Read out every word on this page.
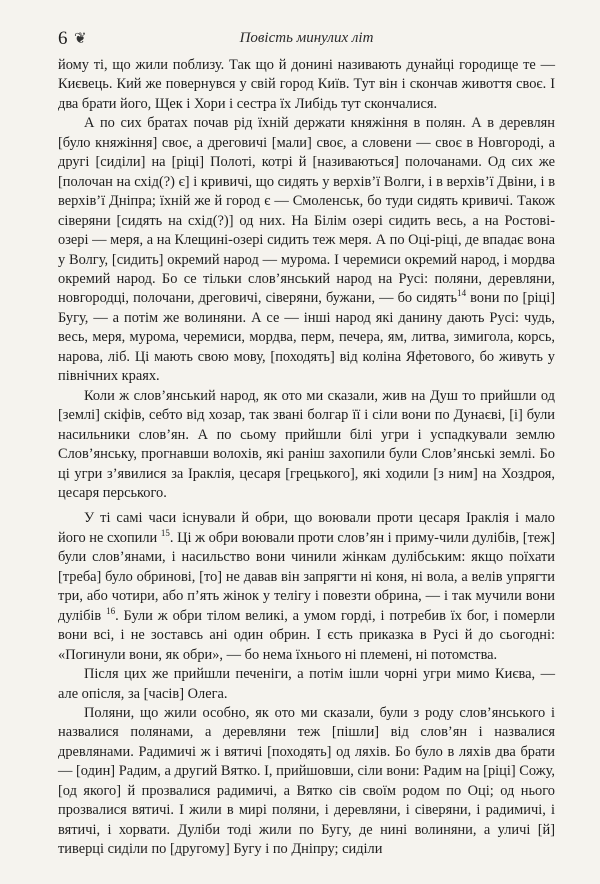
6 ❦	Повість минулих літ

йому ті, що жили поблизу. Так що й донині називають дунайці городище те — Києвець. Кий же повернувся у свій город Київ. Тут він і скончав живоття своє. І два брати його, Щек і Хори і сестра їх Либідь тут скончалися.

А по сих братах почав рід їхній держати княжіння в полян. А в деревлян [було княжіння] своє, а дреговичі [мали] своє, а словени — своє в Новгороді, а другі [сиділи] на [ріці] Полоті, котрі й [називаються] полочанами. Од сих же [полочан на схід(?) є] і кривичі, що сидять у верхів’ї Волги, і в верхів’ї Двіни, і в верхів’ї Дніпра; їхній же й город є — Смоленськ, бо туди сидять кривичі. Також сіверяни [сидять на схід(?)] од них. На Білім озері сидить весь, а на Ростові-озері — меря, а на Клещині-озері сидить теж меря. А по Оці-ріці, де впадає вона у Волгу, [сидить] окремий народ — мурома. І черемиси окремий народ, і мордва окремий народ. Бо се тільки слов’янський народ на Русі: поляни, деревляни, новгородці, полочани, дреговичі, сіверяни, бужани, — бо сидять$^{14}$ вони по [ріці] Бугу, — а потім же волиняни. А се — інші народ які данину дають Русі: чудь, весь, меря, мурома, черемиси, мордва, перм, печера, ям, литва, зимигола, корсь, нарова, ліб. Ці мають свою мову, [походять] від коліна Яфетового, бо живуть у північних краях.

Коли ж слов’янський народ, як ото ми сказали, жив на Душ то прийшли од [землі] скіфів, себто від хозар, так звані болгар її і сіли вони по Дунаєві, [і] були насильники слов’ян. А по сьому прийшли білі угри і успадкували землю Слов’янську, прогнавши волохів, які раніш захопили були Слов’янські землі. Бо ці угри з’явилися за Іраклія, цесаря [грецького], які ходили [з ним] на Хоздроя, цесаря перського.

У ті самі часи існували й обри, що воювали проти цесаря Іраклія і мало його не схопили $^{15}$. Ці ж обри воювали проти слов’ян і приму-чили дулібів, [теж] були слов’янами, і насильство вони чинили жінкам дулібським: якщо поїхати [треба] було обринові, [то] не давав він запрягти ні коня, ні вола, а велів упрягти три, або чотири, або п’ять жінок у телігу і повезти обрина, — і так мучили вони дулібів $^{16}$. Були ж обри тілом великі, а умом горді, і потребив їх бог, і померли вони всі, і не зоставсь ані один обрин. І єсть приказка в Русі й до сьогодні: «Погинули вони, як обри», — бо нема їхнього ні племені, ні потомства.

Після цих же прийшли печеніги, а потім ішли чорні угри мимо Києва, — але опісля, за [часів] Олега.

Поляни, що жили особно, як ото ми сказали, були з роду слов’янського і назвалися полянами, а деревляни теж [пішли] від слов’ян і назвалися древлянами. Радимичі ж і вятичі [походять] од ляхів. Бо було в ляхів два брати — [один] Радим, а другий Вятко. І, прийшовши, сіли вони: Радим на [ріці] Сожу, [од якого] й прозвалися радимичі, а Вятко сів своїм родом по Оці; од нього прозвалися вятичі. І жили в мирі поляни, і деревляни, і сіверяни, і радимичі, і вятичі, і хорвати. Дуліби тоді жили по Бугу, де нині волиняни, а уличі [й] тиверці сиділи по [другому] Бугу і по Дніпру; сиділи
